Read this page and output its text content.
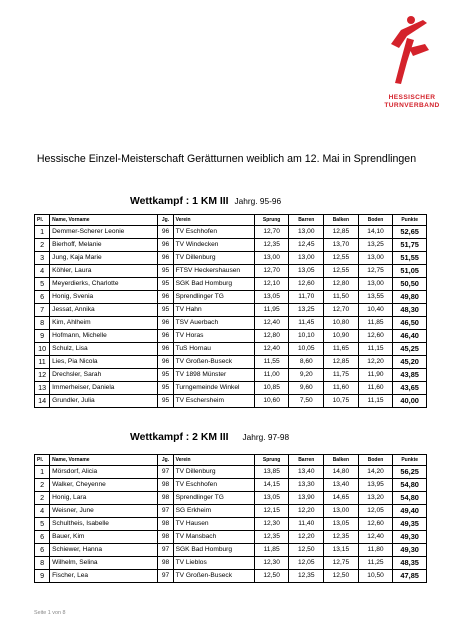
HESSISCHER
TURNVERBAND
Hessische Einzel-Meisterschaft Gerätturnen weiblich am 12. Mai in Sprendlingen
Wettkampf : 1 KM III Jahrg. 95-96
Pl.	Name, Vorname	Jg.	Verein	Sprung	Barren	Balken	Boden	Punkte
1	Demmer-Scherer Leonie	96	TV Eschhofen	12,70	13,00	12,85	14,10	52,65
2	Bierhoff, Melanie	96	TV Windecken	12,35	12,45	13,70	13,25	51,75
3	Jung, Kaja Marie	96	TV Dillenburg	13,00	13,00	12,55	13,00	51,55
4	Köhler, Laura	95	FTSV Heckershausen	12,70	13,05	12,55	12,75	51,05
5	Meyerdierks, Charlotte	95	SGK Bad Homburg	12,10	12,60	12,80	13,00	50,50
6	Honig, Svenia	96	Sprendlinger TG	13,05	11,70	11,50	13,55	49,80
7	Jessat, Annika	95	TV Hahn	11,95	13,25	12,70	10,40	48,30
8	Kim, Ahlheim	96	TSV Auerbach	12,40	11,45	10,80	11,85	46,50
9	Hofmann, Michelle	96	TV Horas	12,80	10,10	10,90	12,60	46,40
10	Schulz, Lisa	96	TuS Hornau	12,40	10,05	11,65	11,15	45,25
11	Lies, Pia Nicola	96	TV Großen-Buseck	11,55	8,60	12,85	12,20	45,20
12	Drechsler, Sarah	95	TV 1898 Münster	11,00	9,20	11,75	11,90	43,85
13	Immerheiser, Daniela	95	Turngemeinde Winkel	10,85	9,60	11,60	11,60	43,65
14	Grundler, Julia	95	TV Eschersheim	10,60	7,50	10,75	11,15	40,00
Wettkampf : 2 KM III Jahrg. 97-98
Pl.	Name, Vorname	Jg.	Verein	Sprung	Barren	Balken	Boden	Punkte
1	Mörsdorf, Alicia	97	TV Dillenburg	13,85	13,40	14,80	14,20	56,25
2	Walker, Cheyenne	98	TV Eschhofen	14,15	13,30	13,40	13,95	54,80
2	Honig, Lara	98	Sprendlinger TG	13,05	13,90	14,65	13,20	54,80
4	Weisner, June	97	SG Erkheim	12,15	12,20	13,00	12,05	49,40
5	Schultheis, Isabelle	98	TV Hausen	12,30	11,40	13,05	12,60	49,35
6	Bauer, Kim	98	TV Mansbach	12,35	12,20	12,35	12,40	49,30
6	Schiewer, Hanna	97	SGK Bad Homburg	11,85	12,50	13,15	11,80	49,30
8	Wilhelm, Selina	98	TV Lieblos	12,30	12,05	12,75	11,25	48,35
9	Fischer, Lea	97	TV Großen-Buseck	12,50	12,35	12,50	10,50	47,85
Seite 1 von 8
